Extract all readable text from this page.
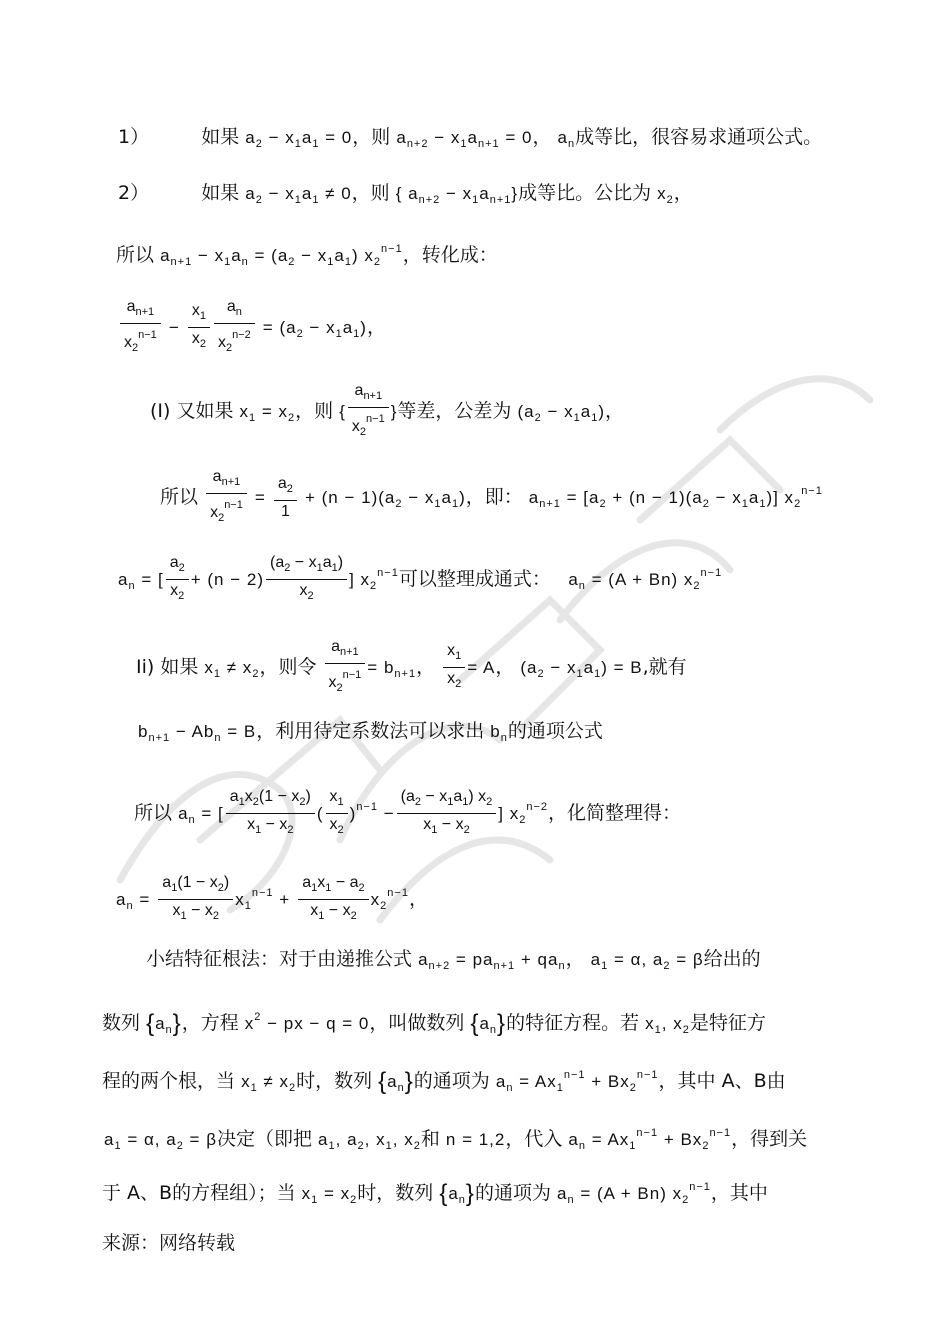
1）	如果 $a_2 - x_1a_1 = 0$，则 $a_{n+2} - x_1a_{n+1} = 0$， $a_n$成等比，很容易求通项公式。
2）	如果 $a_2 - x_1a_1 \ne 0$，则 { $a_{n+2} - x_1a_{n+1}$}成等比。公比为 $x_2$，
所以 $a_{n+1} - x_1a_n = (a_2 - x_1a_1)$ $x_2^{n-1}$，转化成：
$\frac{a_{n+1}}{x_2^{n-1}} - \frac{x_1}{x_2} \frac{a_n}{x_2^{n-2}} = (a_2 - x_1a_1)$，
(I) 又如果 $x_1 = x_2$，则 { $\frac{a_{n+1}}{x_2^{n-1}}$ }等差，公差为 $(a_2 - x_1a_1)$，
所以 $\frac{a_{n+1}}{x_2^{n-1}} = \frac{a_2}{1} + (n - 1)(a_2 - x_1a_1)$，即： $a_{n+1} = [a_2 + (n - 1)(a_2 - x_1a_1)]$ $x_2^{n-1}$
$a_n$ = [ $\frac{a_2}{x_2} + (n - 2) \frac{(a_2 - x_1a_1)}{x_2}$ ] $x_2^{n-1}$可以整理成通式：   $a_n = (A + Bn)$ $x_2^{n-1}$
Ii) 如果 $x_1 \ne x_2$，则令 $\frac{a_{n+1}}{x_2^{n-1}} = b_{n+1}$， $\frac{x_1}{x_2} = A$， $(a_2 - x_1a_1) = B$,就有
$b_{n+1} - Ab_n = B$，利用待定系数法可以求出 $b_n$的通项公式
所以 $a_n$ = [ $\frac{a_1x_2(1 - x_2)}{x_1 - x_2}$ ( $\frac{x_1}{x_2} )^{n-1} - \frac{(a_2 - x_1a_1) x_2}{x_1 - x_2}$ ] $x_2^{n-2}$，化简整理得：
$a_n = \frac{a_1(1 - x_2)}{x_1 - x_2} x_1^{n-1} + \frac{a_1x_1 - a_2}{x_1 - x_2} x_2^{n-1}$，
小结特征根法：对于由递推公式 $a_{n+2} = pa_{n+1} + qa_n$， $a_1 = \alpha$, $a_2 = \beta$给出的
数列 $\{a_n\}$，方程 $x^2$ − px − q = 0，叫做数列 $\{a_n\}$的特征方程。若 $x_1$, $x_2$是特征方
程的两个根，当 $x_1 \ne x_2$时，数列 $\{a_n\}$的通项为 $a_n = Ax_1^{n-1} + Bx_2^{n-1}$，其中 A、B由
$a_1 = \alpha$, $a_2 = \beta$决定（即把 $a_1$, $a_2$, $x_1$, $x_2$和 n = 1,2，代入 $a_n = Ax_1^{n-1} + Bx_2^{n-1}$，得到关
于 A、B的方程组）；当 $x_1 = x_2$时，数列 $\{a_n\}$的通项为 $a_n = (A + Bn)$ $x_2^{n-1}$，其中
来源：网络转载
